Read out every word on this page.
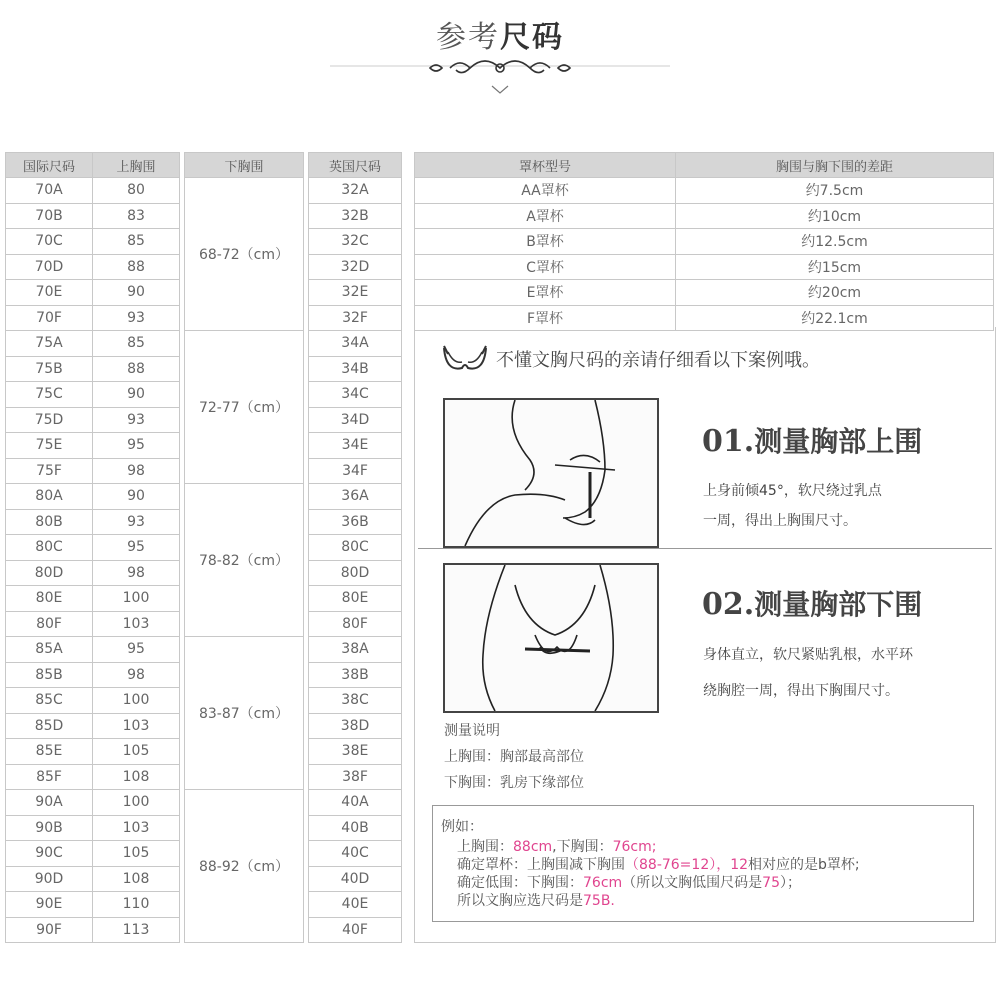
参考尺码
国际尺码	上胸围		下胸围		英国尺码
70A	80		68-72（cm）		32A
70B	83				32B
70C	85				32C
70D	88				32D
70E	90				32E
70F	93				32F
75A	85		72-77（cm）		34A
75B	88				34B
75C	90				34C
75D	93				34D
75E	95				34E
75F	98				34F
80A	90		78-82（cm）		36A
80B	93				36B
80C	95				80C
80D	98				80D
80E	100				80E
80F	103				80F
85A	95		83-87（cm）		38A
85B	98				38B
85C	100				38C
85D	103				38D
85E	105				38E
85F	108				38F
90A	100		88-92（cm）		40A
90B	103				40B
90C	105				40C
90D	108				40D
90E	110				40E
90F	113				40F
罩杯型号	胸围与胸下围的差距
AA罩杯	约7.5cm
A罩杯	约10cm
B罩杯	约12.5cm
C罩杯	约15cm
E罩杯	约20cm
F罩杯	约22.1cm
不懂文胸尺码的亲请仔细看以下案例哦。
01.测量胸部上围
上身前倾45°，软尺绕过乳点
一周，得出上胸围尺寸。
02.测量胸部下围
身体直立，软尺紧贴乳根，水平环
绕胸腔一周，得出下胸围尺寸。
测量说明
上胸围：胸部最高部位
下胸围：乳房下缘部位
例如：
上胸围：88cm,下胸围：76cm;
确定罩杯：上胸围减下胸围（88-76=12），12相对应的是b罩杯;
确定低围：下胸围：76cm（所以文胸低围尺码是75）；
所以文胸应选尺码是75B.
